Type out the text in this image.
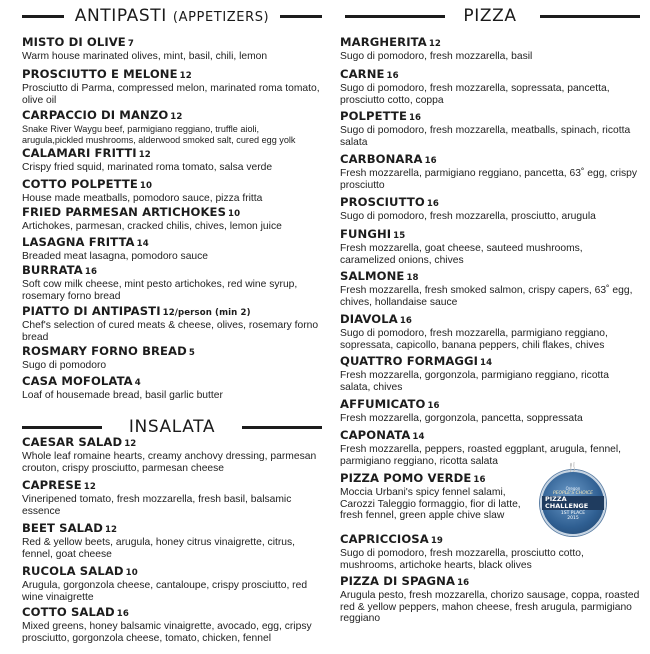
ANTIPASTI (APPETIZERS)
MISTO DI OLIVE 7
Warm house marinated olives, mint, basil, chili, lemon
PROSCIUTTO E MELONE 12
Prosciutto di Parma, compressed melon, marinated roma tomato, olive oil
CARPACCIO DI MANZO 12
Snake River Waygu beef, parmigiano reggiano, truffle aioli, arugula,pickled mushrooms, alderwood smoked salt, cured egg yolk
CALAMARI FRITTI 12
Crispy fried squid, marinated roma tomato, salsa verde
COTTO POLPETTE 10
House made meatballs, pomodoro sauce, pizza fritta
FRIED PARMESAN ARTICHOKES 10
Artichokes, parmesan, cracked chilis, chives, lemon juice
LASAGNA FRITTA 14
Breaded meat lasagna, pomodoro sauce
BURRATA 16
Soft cow milk cheese, mint pesto artichokes, red wine syrup, rosemary forno bread
PIATTO DI ANTIPASTI 12/person (min 2)
Chef's selection of cured meats & cheese, olives, rosemary forno bread
ROSMARY FORNO BREAD 5
Sugo di pomodoro
CASA MOFOLATA 4
Loaf of housemade bread, basil garlic butter
INSALATA
CAESAR SALAD 12
Whole leaf romaine hearts, creamy anchovy dressing, parmesan crouton, crispy prosciutto, parmesan cheese
CAPRESE 12
Vineripened tomato, fresh mozzarella, fresh basil, balsamic essence
BEET SALAD 12
Red & yellow beets, arugula, honey citrus vinaigrette, citrus, fennel, goat cheese
RUCOLA SALAD 10
Arugula, gorgonzola cheese, cantaloupe, crispy prosciutto, red wine vinaigrette
COTTO SALAD 16
Mixed greens, honey balsamic vinaigrette, avocado, egg, cripsy prosciutto, gorgonzola cheese, tomato, chicken, fennel
PIZZA
MARGHERITA 12
Sugo di pomodoro, fresh mozzarella, basil
CARNE 16
Sugo di pomodoro, fresh mozzarella, sopressata, pancetta, prosciutto cotto, coppa
POLPETTE 16
Sugo di pomodoro, fresh mozzarella, meatballs, spinach, ricotta salata
CARBONARA 16
Fresh mozzarella, parmigiano reggiano, pancetta, 63˚ egg, crispy prosciutto
PROSCIUTTO 16
Sugo di pomodoro, fresh mozzarella, prosciutto, arugula
FUNGHI 15
Fresh mozzarella, goat cheese, sauteed mushrooms, caramelized onions, chives
SALMONE 18
Fresh mozzarella, fresh smoked salmon, crispy capers, 63˚ egg, chives, hollandaise sauce
DIAVOLA 16
Sugo di pomodoro, fresh mozzarella, parmigiano reggiano, sopressata, capicollo, banana peppers, chili flakes, chives
QUATTRO FORMAGGI 14
Fresh mozzarella, gorgonzola, parmigiano reggiano, ricotta salata, chives
AFFUMICATO 16
Fresh mozzarella, gorgonzola, pancetta, soppressata
CAPONATA 14
Fresh mozzarella, peppers, roasted eggplant, arugula, fennel, parmigiano reggiano, ricotta salata
PIZZA POMO VERDE 16
Moccia Urbani's spicy fennel salami, Carozzi Taleggio formaggio, fior di latte, fresh fennel, green apple chive slaw
CAPRICCIOSA 19
Sugo di pomodoro, fresh mozzarella, prosciutto cotto, mushrooms, artichoke hearts, black olives
PIZZA DI SPAGNA 16
Arugula pesto, fresh mozzarella, chorizo sausage, coppa, roasted red & yellow peppers, mahon cheese, fresh arugula, parmigiano reggiano
🍴
Oregon
PEOPLE'S CHOICE
PIZZA CHALLENGE
1ST PLACE
2015
